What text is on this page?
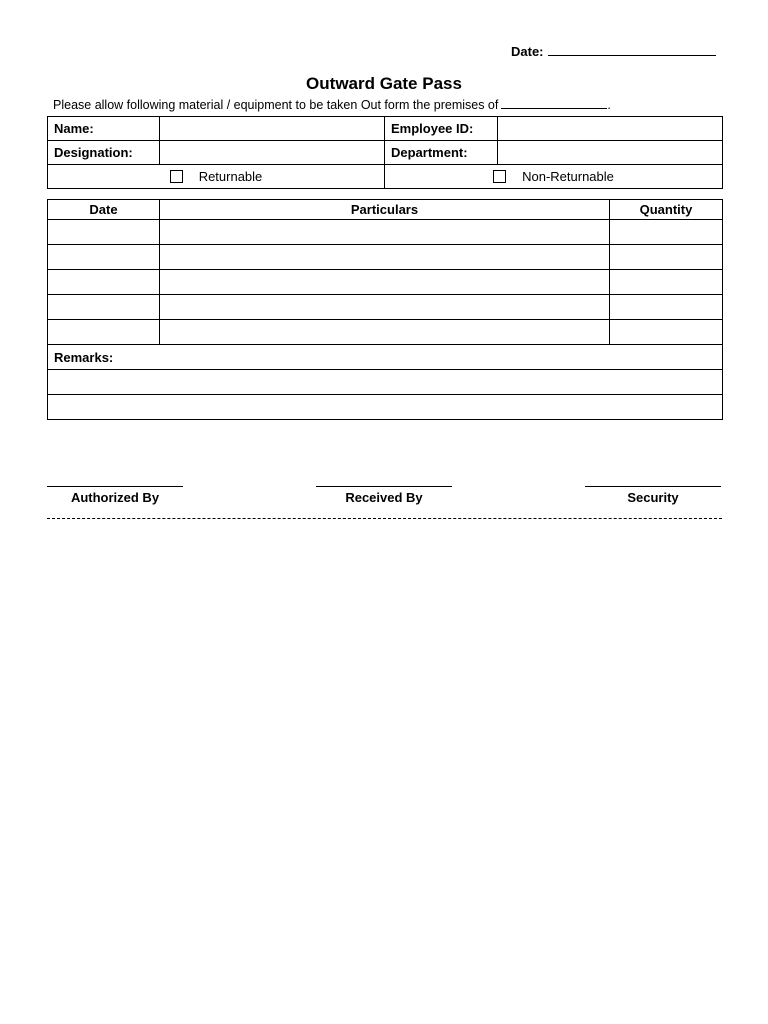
Date:
Outward Gate Pass
Please allow following material / equipment to be taken Out form the premises of	.
Name:		Employee ID:	
Designation:		Department:	
Returnable		Non-Returnable	
Date	Particulars	Quantity

Remarks:		

Authorized By	Received By	Security
